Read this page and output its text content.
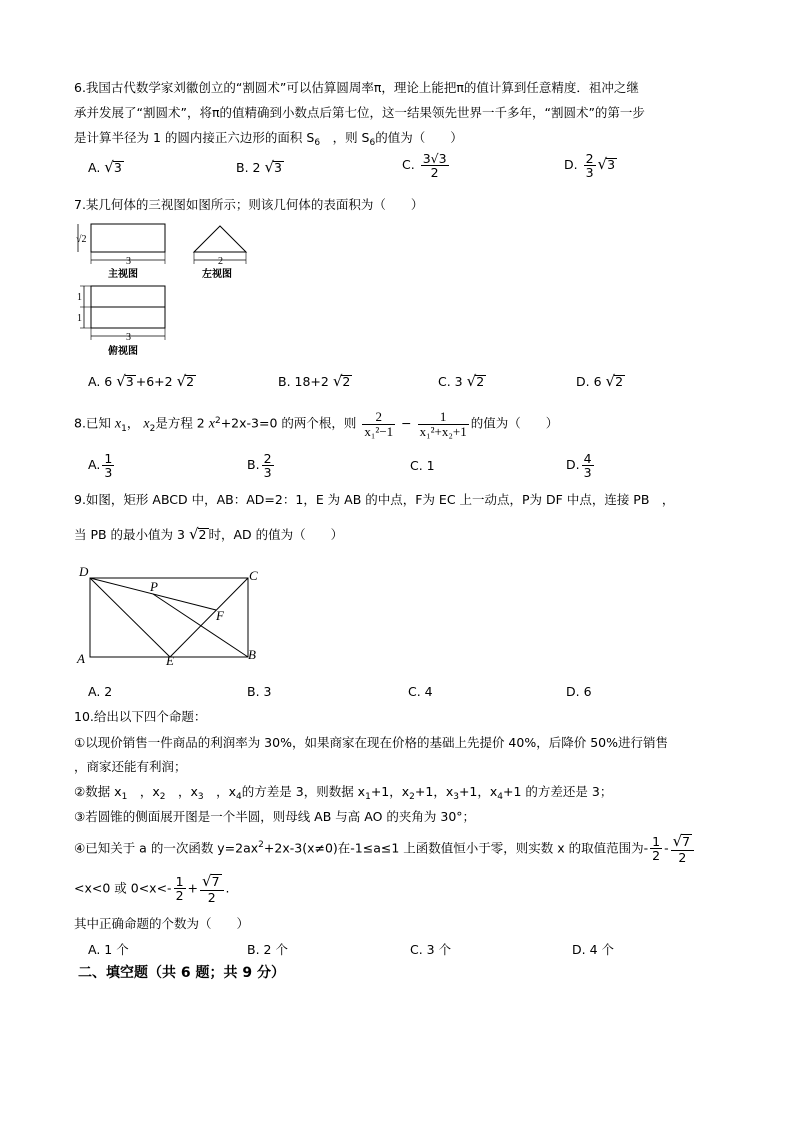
6.我国古代数学家刘徽创立的“割圆术”可以估算圆周率π，理论上能把π的值计算到任意精度．祖冲之继
承并发展了“割圆术”，将π的值精确到小数点后第七位，这一结果领先世界一千多年，“割圆术”的第一步
是计算半径为 1 的圆内接正六边形的面积 $S_6$　 ，则 $S_6$的值为（　　）
A. √3	B. 2 √3	C. $\frac{3√3}{2}$	D. $\frac{2}{3} √3$
7.某几何体的三视图如图所示；则该几何体的表面积为（　　）
√2
3
主视图
2
左视图
1
1
3
俯视图
A. 6 √3 +6+2 √2	B. 18+2 √2	C. 3 √2	D. 6 √2
8.已知 $x_1$， $x_2$是方程 2 $x^2+2x-3=0$ 的两个根，则 $\frac{2}{\text{x₁²−1}} - \frac{1}{\text{x₁²+x₂+1}}$ 的值为（　　）
A. $\frac{1}{3}$	B. $\frac{2}{3}$	C. 1	D. $\frac{4}{3}$
9.如图，矩形 ABCD 中，AB：AD=2：1，E 为 AB 的中点，F为 EC 上一动点，P为 DF 中点，连接 PB　，
当 PB 的最小值为 3 √2 时，AD 的值为（　　）
D	C
A	B
E
F
P
A. 2	B. 3	C. 4	D. 6
10.给出以下四个命题：
①以现价销售一件商品的利润率为 30%，如果商家在现在价格的基础上先提价 40%，后降价 50%进行销售
，商家还能有利润；
②数据 $x_1$　 ，$x_2$　 ，$x_3$　 ，$x_4$的方差是 3，则数据 $x_1+1$，$x_2+1$，$x_3+1$，$x_4+1$ 的方差还是 3；
③若圆锥的侧面展开图是一个半圆，则母线 AB 与高 AO 的夹角为 30°；
④已知关于 a 的一次函数 $y=2ax^2+2x-3(x\ne 0)$在-1≤a≤1 上函数值恒小于零，则实数 x 的取值范围为- $\frac{1}{2} - \frac{√7}{2}$
<x<0 或 $0<x<- \frac{1}{2} + \frac{√7}{2}$ .
其中正确命题的个数为（　　）
A. 1 个	B. 2 个	C. 3 个	D. 4 个
二、填空题（共 6 题；共 9 分）
